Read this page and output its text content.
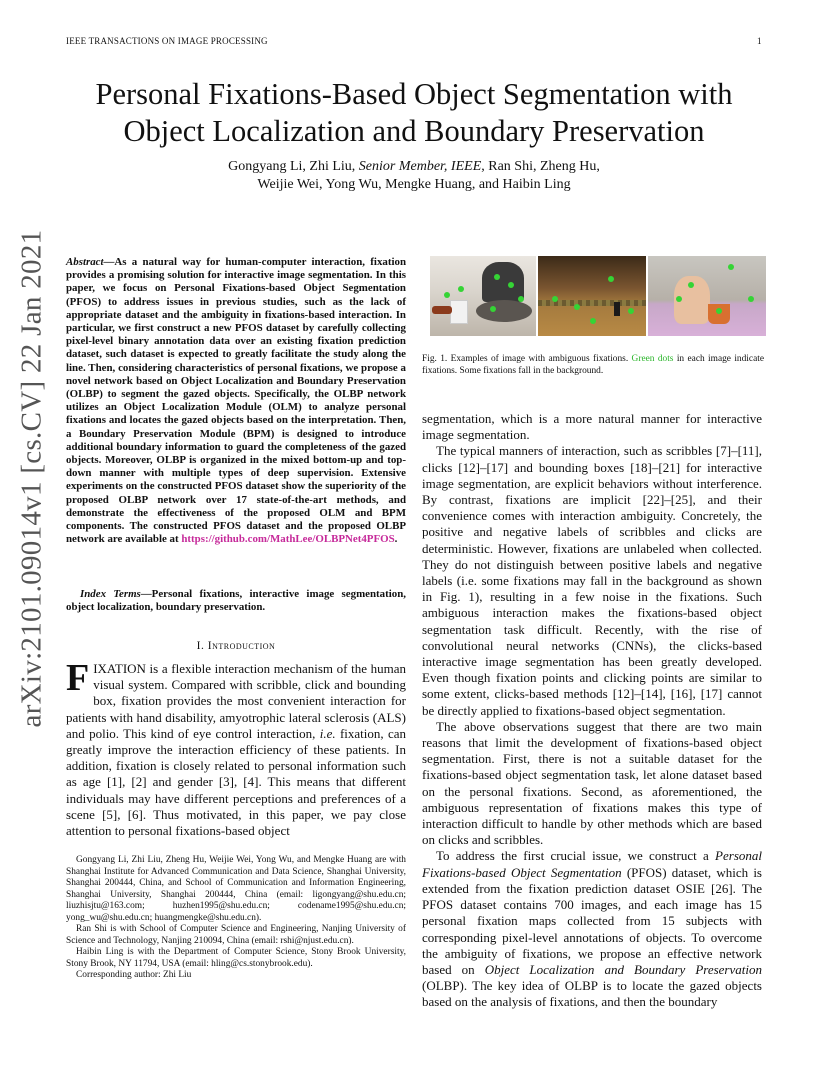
IEEE TRANSACTIONS ON IMAGE PROCESSING	1
arXiv:2101.09014v1 [cs.CV] 22 Jan 2021
Personal Fixations-Based Object Segmentation with
Object Localization and Boundary Preservation
Gongyang Li, Zhi Liu, Senior Member, IEEE, Ran Shi, Zheng Hu,
Weijie Wei, Yong Wu, Mengke Huang, and Haibin Ling
Abstract—As a natural way for human-computer interaction, fixation provides a promising solution for interactive image segmentation. In this paper, we focus on Personal Fixations-based Object Segmentation (PFOS) to address issues in previous studies, such as the lack of appropriate dataset and the ambiguity in fixations-based interaction. In particular, we first construct a new PFOS dataset by carefully collecting pixel-level binary annotation data over an existing fixation prediction dataset, such dataset is expected to greatly facilitate the study along the line. Then, considering characteristics of personal fixations, we propose a novel network based on Object Localization and Boundary Preservation (OLBP) to segment the gazed objects. Specifically, the OLBP network utilizes an Object Localization Module (OLM) to analyze personal fixations and locates the gazed objects based on the interpretation. Then, a Boundary Preservation Module (BPM) is designed to introduce additional boundary information to guard the completeness of the gazed objects. Moreover, OLBP is organized in the mixed bottom-up and top-down manner with multiple types of deep supervision. Extensive experiments on the constructed PFOS dataset show the superiority of the proposed OLBP network over 17 state-of-the-art methods, and demonstrate the effectiveness of the proposed OLM and BPM components. The constructed PFOS dataset and the proposed OLBP network are available at https://github.com/MathLee/OLBPNet4PFOS.
Index Terms—Personal fixations, interactive image segmentation, object localization, boundary preservation.
I. Introduction
FIXATION is a flexible interaction mechanism of the human visual system. Compared with scribble, click and bounding box, fixation provides the most convenient interaction for patients with hand disability, amyotrophic lateral sclerosis (ALS) and polio. This kind of eye control interaction, i.e. fixation, can greatly improve the interaction efficiency of these patients. In addition, fixation is closely related to personal information such as age [1], [2] and gender [3], [4]. This means that different individuals may have different perceptions and preferences of a scene [5], [6]. Thus motivated, in this paper, we pay close attention to personal fixations-based object

Gongyang Li, Zhi Liu, Zheng Hu, Weijie Wei, Yong Wu, and Mengke Huang are with Shanghai Institute for Advanced Communication and Data Science, Shanghai University, Shanghai 200444, China, and School of Communication and Information Engineering, Shanghai University, Shanghai 200444, China (email: ligongyang@shu.edu.cn; liuzhisjtu@163.com; huzhen1995@shu.edu.cn; codename1995@shu.edu.cn; yong_wu@shu.edu.cn; huangmengke@shu.edu.cn).

Ran Shi is with School of Computer Science and Engineering, Nanjing University of Science and Technology, Nanjing 210094, China (email: rshi@njust.edu.cn).

Haibin Ling is with the Department of Computer Science, Stony Brook University, Stony Brook, NY 11794, USA (email: hling@cs.stonybrook.edu).

Corresponding author: Zhi Liu

Fig. 1. Examples of image with ambiguous fixations. Green dots in each image indicate fixations. Some fixations fall in the background.

segmentation, which is a more natural manner for interactive image segmentation.

The typical manners of interaction, such as scribbles [7]–[11], clicks [12]–[17] and bounding boxes [18]–[21] for interactive image segmentation, are explicit behaviors without interference. By contrast, fixations are implicit [22]–[25], and their convenience comes with interaction ambiguity. Concretely, the positive and negative labels of scribbles and clicks are deterministic. However, fixations are unlabeled when collected. They do not distinguish between positive labels and negative labels (i.e. some fixations may fall in the background as shown in Fig. 1), resulting in a few noise in the fixations. Such ambiguous interaction makes the fixations-based object segmentation task difficult. Recently, with the rise of convolutional neural networks (CNNs), the clicks-based interactive image segmentation has been greatly developed. Even though fixation points and clicking points are similar to some extent, clicks-based methods [12]–[14], [16], [17] cannot be directly applied to fixations-based object segmentation.

The above observations suggest that there are two main reasons that limit the development of fixations-based object segmentation. First, there is not a suitable dataset for the fixations-based object segmentation task, let alone dataset based on the personal fixations. Second, as aforementioned, the ambiguous representation of fixations makes this type of interaction difficult to handle by other methods which are based on clicks and scribbles.

To address the first crucial issue, we construct a Personal Fixations-based Object Segmentation (PFOS) dataset, which is extended from the fixation prediction dataset OSIE [26]. The PFOS dataset contains 700 images, and each image has 15 personal fixation maps collected from 15 subjects with corresponding pixel-level annotations of objects. To overcome the ambiguity of fixations, we propose an effective network based on Object Localization and Boundary Preservation (OLBP). The key idea of OLBP is to locate the gazed objects based on the analysis of fixations, and then the boundary
